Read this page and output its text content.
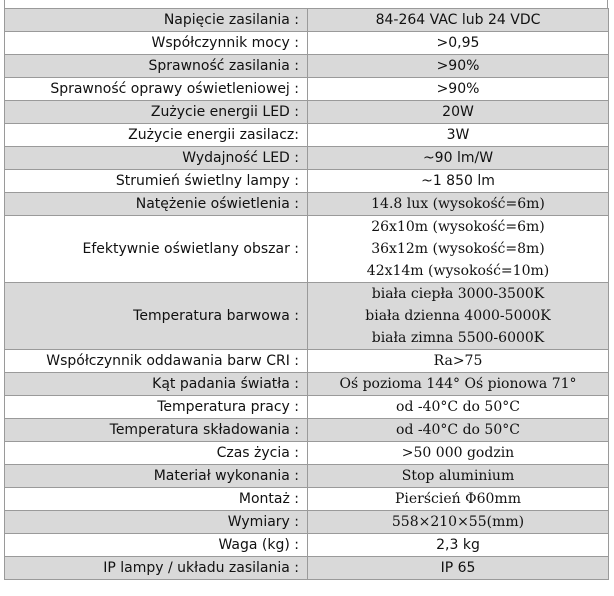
Napięcie zasilania :	84-264 VAC lub 24 VDC
Współczynnik mocy :	>0,95
Sprawność zasilania :	>90%
Sprawność oprawy oświetleniowej :	>90%
Zużycie energii LED :	20W
Zużycie energii zasilacz:	3W
Wydajność LED :	~90 lm/W
Strumień świetlny lampy :	~1 850 lm
Natężenie oświetlenia :	14.8 lux (wysokość=6m)
Efektywnie oświetlany obszar :	26x10m (wysokość=6m)
36x12m (wysokość=8m)
42x14m (wysokość=10m)

Temperatura barwowa :	biała ciepła 3000-3500K
biała dzienna 4000-5000K
biała zimna 5500-6000K

Współczynnik oddawania barw CRI :	Ra>75
Kąt padania światła :	Oś pozioma 144° Oś pionowa 71°
Temperatura pracy :	od -40°C do 50°C
Temperatura składowania :	od -40°C do 50°C
Czas życia :	>50 000 godzin
Materiał wykonania :	Stop aluminium
Montaż :	Pierścień Φ60mm
Wymiary :	558×210×55(mm)
Waga (kg) :	2,3 kg
IP lampy / układu zasilania :	IP 65
